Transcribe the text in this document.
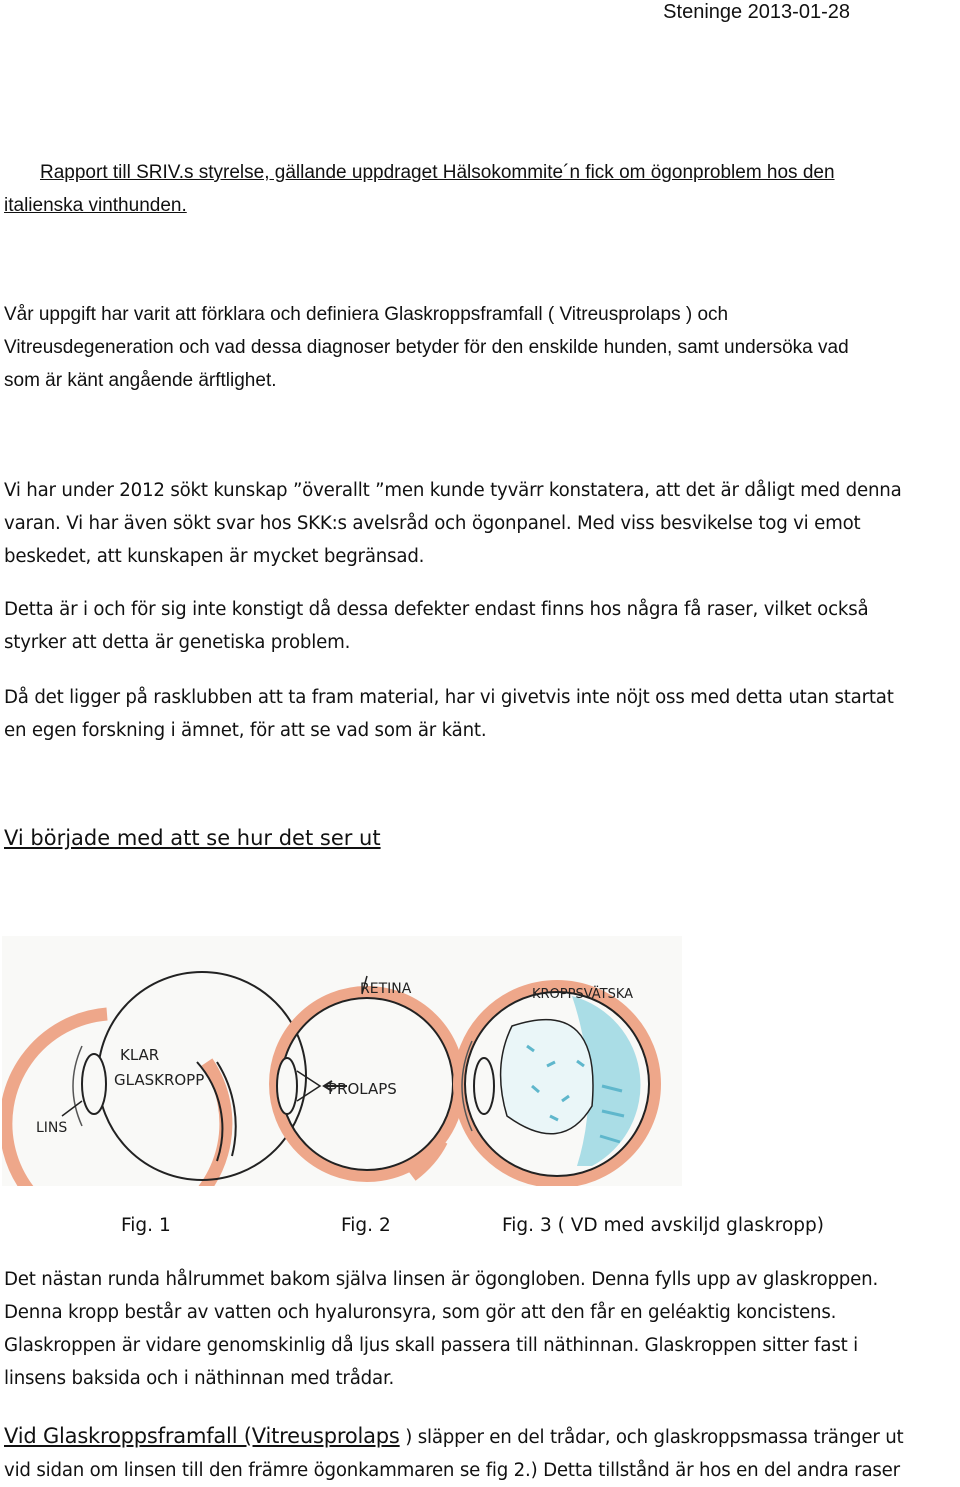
Steninge 2013-01-28
Rapport till SRIV.s styrelse, gällande uppdraget Hälsokommite´n fick om ögonproblem hos den
italienska vinthunden.
Vår uppgift har varit att förklara och definiera Glaskroppsframfall ( Vitreusprolaps ) och
Vitreusdegeneration och vad dessa diagnoser betyder för den enskilde hunden, samt undersöka vad
som är känt angående ärftlighet.
Vi har under 2012 sökt kunskap ”överallt ”men kunde tyvärr konstatera, att det är dåligt med denna
varan. Vi har även sökt svar hos SKK:s avelsråd och ögonpanel. Med viss besvikelse tog vi emot
beskedet, att kunskapen är mycket begränsad.
Detta är i och för sig inte konstigt då dessa defekter endast finns hos några få raser, vilket också
styrker att detta är genetiska problem.
Då det ligger på rasklubben att ta fram material, har vi givetvis inte nöjt oss med detta utan startat
en egen forskning i ämnet, för att se vad som är känt.
Vi började med att se hur det ser ut
KLAR
GLASKROPP
LINS
RETINA
PROLAPS
KROPPSVÄTSKA
Fig. 1	Fig. 2	Fig. 3 ( VD med avskiljd glaskropp)
Det nästan runda hålrummet bakom själva linsen är ögongloben. Denna fylls upp av glaskroppen.
Denna kropp består av vatten och hyaluronsyra, som gör att den får en geléaktig koncistens.
Glaskroppen är vidare genomskinlig då ljus skall passera till näthinnan. Glaskroppen sitter fast i
linsens baksida och i näthinnan med trådar.
Vid Glaskroppsframfall (Vitreusprolaps ) släpper en del trådar, och glaskroppsmassa tränger ut
vid sidan om linsen till den främre ögonkammaren se fig 2.) Detta tillstånd är hos en del andra raser
